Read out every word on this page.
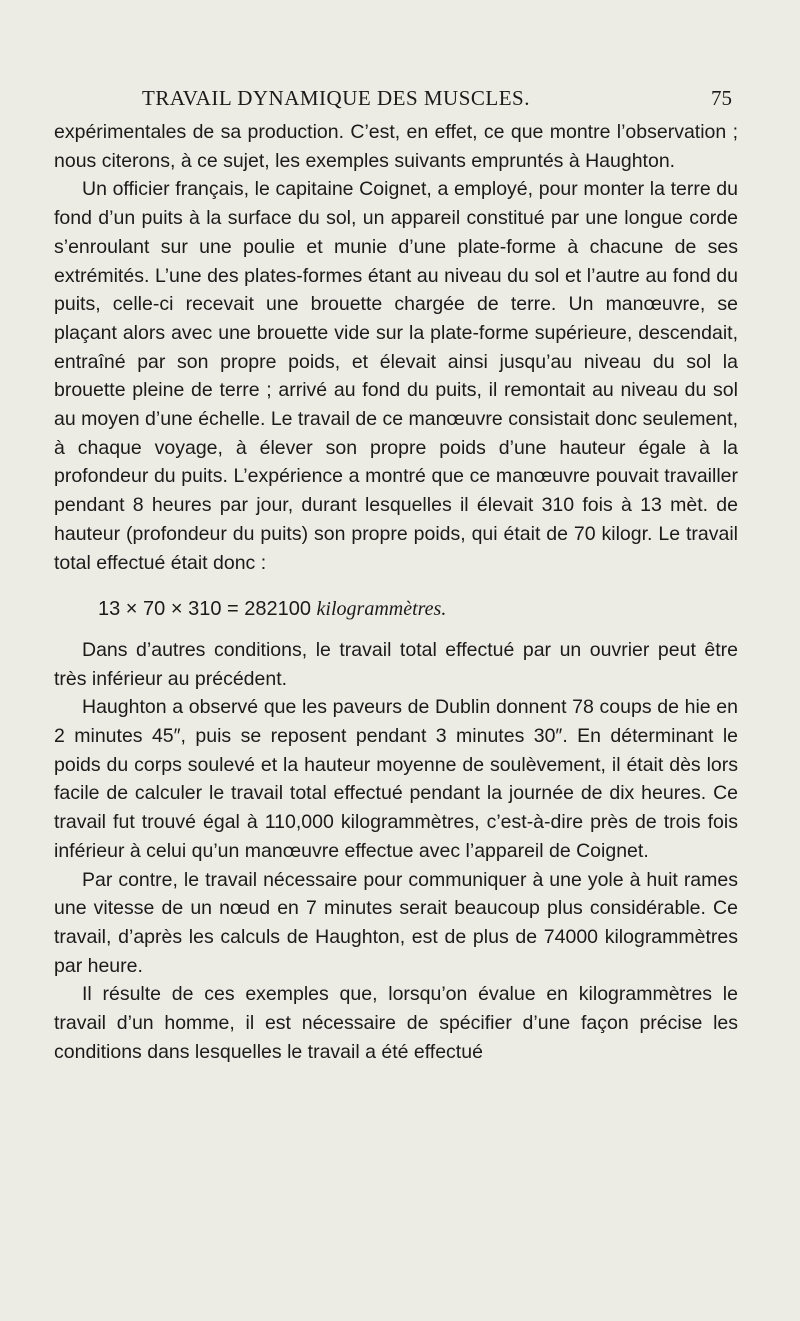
TRAVAIL DYNAMIQUE DES MUSCLES.	75

expérimentales de sa production. C’est, en effet, ce que montre l’observation ; nous citerons, à ce sujet, les exemples suivants empruntés à Haughton.

Un officier français, le capitaine Coignet, a employé, pour monter la terre du fond d’un puits à la surface du sol, un appareil constitué par une longue corde s’enroulant sur une poulie et munie d’une plate-forme à chacune de ses extrémités. L’une des plates-formes étant au niveau du sol et l’autre au fond du puits, celle-ci recevait une brouette chargée de terre. Un manœuvre, se plaçant alors avec une brouette vide sur la plate-forme supérieure, descendait, entraîné par son propre poids, et élevait ainsi jusqu’au niveau du sol la brouette pleine de terre ; arrivé au fond du puits, il remontait au niveau du sol au moyen d’une échelle. Le travail de ce manœuvre consistait donc seulement, à chaque voyage, à élever son propre poids d’une hauteur égale à la profondeur du puits. L’expérience a montré que ce manœuvre pouvait travailler pendant 8 heures par jour, durant lesquelles il élevait 310 fois à 13 mèt. de hauteur (profondeur du puits) son propre poids, qui était de 70 kilogr. Le travail total effectué était donc :

13 × 70 × 310 = 282100 kilogrammètres.

Dans d’autres conditions, le travail total effectué par un ouvrier peut être très inférieur au précédent.

Haughton a observé que les paveurs de Dublin donnent 78 coups de hie en 2 minutes 45″, puis se reposent pendant 3 minutes 30″. En déterminant le poids du corps soulevé et la hauteur moyenne de soulèvement, il était dès lors facile de calculer le travail total effectué pendant la journée de dix heures. Ce travail fut trouvé égal à 110,000 kilogrammètres, c’est-à-dire près de trois fois inférieur à celui qu’un manœuvre effectue avec l’appareil de Coignet.

Par contre, le travail nécessaire pour communiquer à une yole à huit rames une vitesse de un nœud en 7 minutes serait beaucoup plus considérable. Ce travail, d’après les calculs de Haughton, est de plus de 74000 kilogrammètres par heure.

Il résulte de ces exemples que, lorsqu’on évalue en kilogrammètres le travail d’un homme, il est nécessaire de spécifier d’une façon précise les conditions dans lesquelles le travail a été effectué
